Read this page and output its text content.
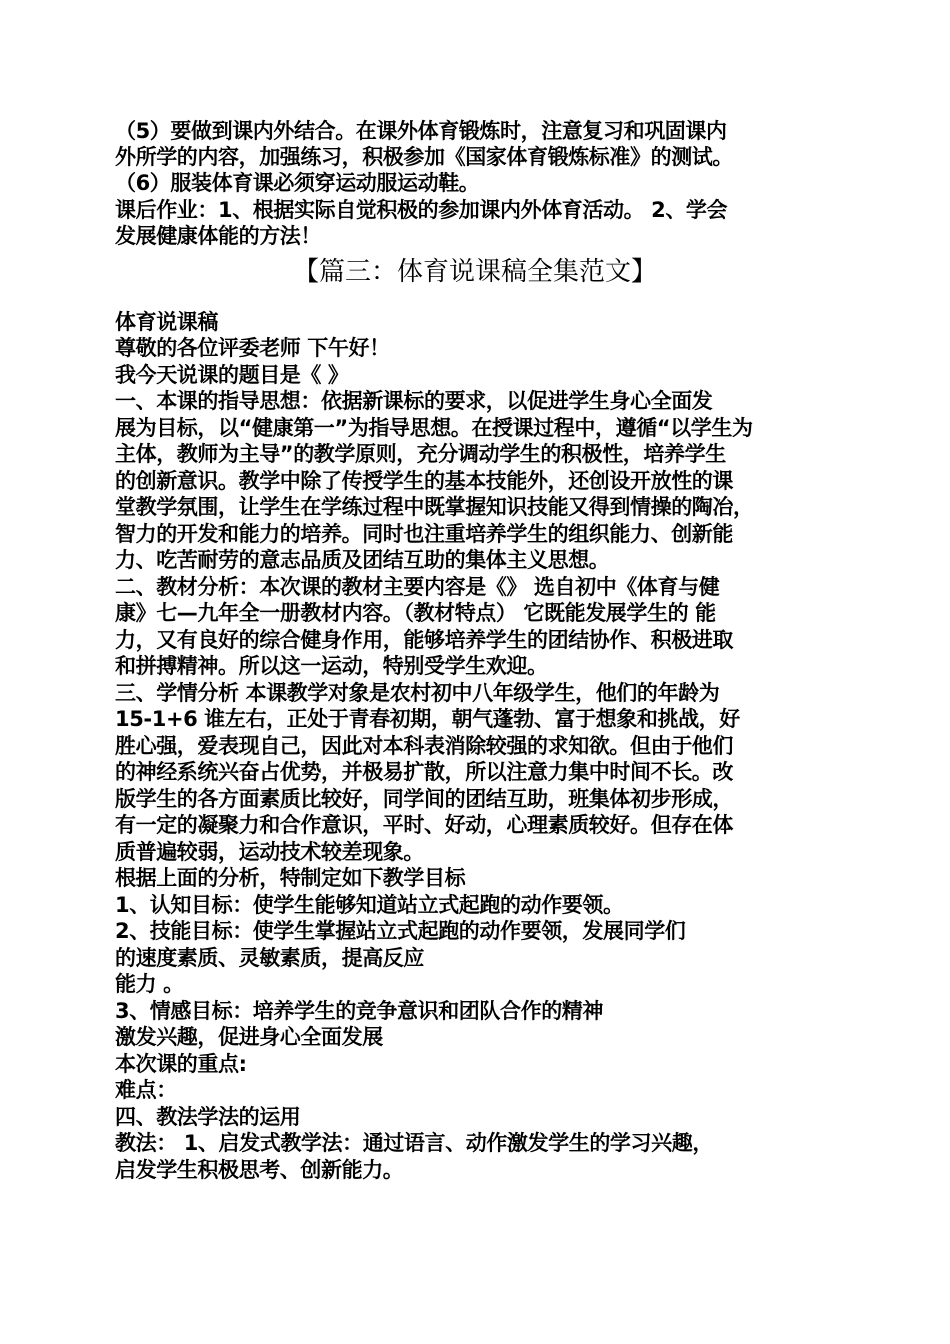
（5）要做到课内外结合。在课外体育锻炼时，注意复习和巩固课内
外所学的内容，加强练习，积极参加《国家体育锻炼标准》的测试。
（6）服装体育课必须穿运动服运动鞋。
课后作业：1、根据实际自觉积极的参加课内外体育活动。 2、学会
发展健康体能的方法！
【篇三：体育说课稿全集范文】
体育说课稿
尊敬的各位评委老师 下午好！
我今天说课的题目是《 》
一、本课的指导思想：依据新课标的要求，以促进学生身心全面发
展为目标，以“健康第一”为指导思想。在授课过程中，遵循“以学生为
主体，教师为主导”的教学原则，充分调动学生的积极性，培养学生
的创新意识。教学中除了传授学生的基本技能外，还创设开放性的课
堂教学氛围，让学生在学练过程中既掌握知识技能又得到情操的陶冶，
智力的开发和能力的培养。同时也注重培养学生的组织能力、创新能
力、吃苦耐劳的意志品质及团结互助的集体主义思想。
二、教材分析：本次课的教材主要内容是《》 选自初中《体育与健
康》七—九年全一册教材内容。（教材特点） 它既能发展学生的 能
力，又有良好的综合健身作用，能够培养学生的团结协作、积极进取
和拼搏精神。所以这一运动，特别受学生欢迎。
三、学情分析 本课教学对象是农村初中八年级学生，他们的年龄为
15-1+6 谁左右，正处于青春初期，朝气蓬勃、富于想象和挑战，好
胜心强，爱表现自己，因此对本科表消除较强的求知欲。但由于他们
的神经系统兴奋占优势，并极易扩散，所以注意力集中时间不长。改
版学生的各方面素质比较好，同学间的团结互助，班集体初步形成，
有一定的凝聚力和合作意识，平时、好动，心理素质较好。但存在体
质普遍较弱，运动技术较差现象。
根据上面的分析，特制定如下教学目标
1、认知目标：使学生能够知道站立式起跑的动作要领。
2、技能目标：使学生掌握站立式起跑的动作要领，发展同学们
的速度素质、灵敏素质，提高反应
能力 。
3、情感目标：培养学生的竞争意识和团队合作的精神
激发兴趣，促进身心全面发展
本次课的重点:
难点：
四、教法学法的运用
教法： 1、启发式教学法：通过语言、动作激发学生的学习兴趣，
启发学生积极思考、创新能力。
